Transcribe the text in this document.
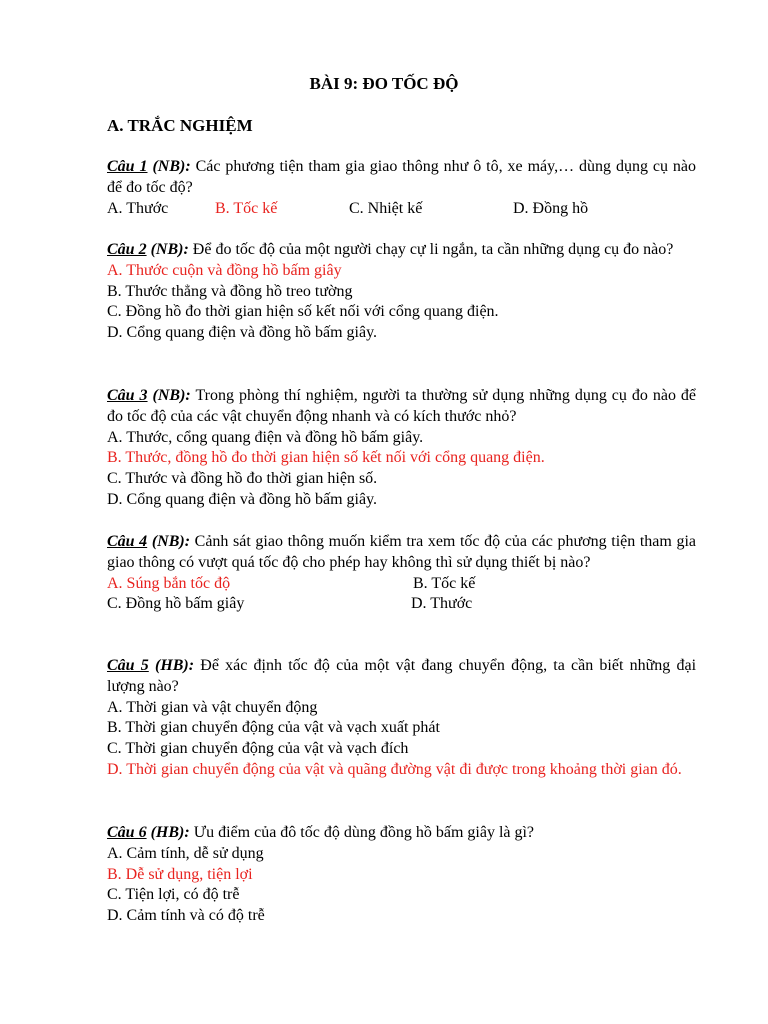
BÀI 9: ĐO TỐC ĐỘ
A. TRẮC NGHIỆM
Câu 1 (NB): Các phương tiện tham gia giao thông như ô tô, xe máy,… dùng dụng cụ nào để đo tốc độ?
A. Thước	B. Tốc kế	C. Nhiệt kế	D. Đồng hồ
Câu 2 (NB): Để đo tốc độ của một người chạy cự li ngắn, ta cần những dụng cụ đo nào?
A. Thước cuộn và đồng hồ bấm giây
B. Thước thẳng và đồng hồ treo tường
C. Đồng hồ đo thời gian hiện số kết nối với cổng quang điện.
D. Cổng quang điện và đồng hồ bấm giây.
Câu 3 (NB): Trong phòng thí nghiệm, người ta thường sử dụng những dụng cụ đo nào để đo tốc độ của các vật chuyển động nhanh và có kích thước nhỏ?
A. Thước, cổng quang điện và đồng hồ bấm giây.
B. Thước, đồng hồ đo thời gian hiện số kết nối với cổng quang điện.
C. Thước và đồng hồ đo thời gian hiện số.
D. Cổng quang điện và đồng hồ bấm giây.
Câu 4 (NB): Cảnh sát giao thông muốn kiểm tra xem tốc độ của các phương tiện tham gia giao thông có vượt quá tốc độ cho phép hay không thì sử dụng thiết bị nào?
A. Súng bắn tốc độ	B. Tốc kế
C. Đồng hồ bấm giây	D. Thước
Câu 5 (HB): Để xác định tốc độ của một vật đang chuyển động, ta cần biết những đại lượng nào?
A. Thời gian và vật chuyển động
B. Thời gian chuyển động của vật và vạch xuất phát
C. Thời gian chuyển động của vật và vạch đích
D. Thời gian chuyển động của vật và quãng đường vật đi được trong khoảng thời gian đó.
Câu 6 (HB): Ưu điểm của đô tốc độ dùng đồng hồ bấm giây là gì?
A. Cảm tính, dễ sử dụng
B. Dễ sử dụng, tiện lợi
C. Tiện lợi, có độ trễ
D. Cảm tính và có độ trễ
